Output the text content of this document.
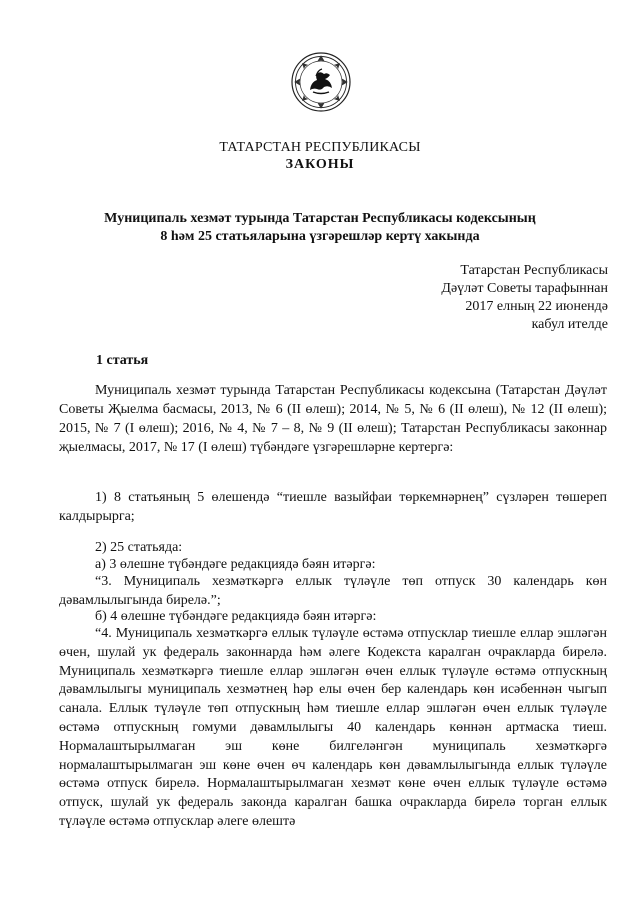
ТАТАРСТАН РЕСПУБЛИКАСЫ
ЗАКОНЫ
Муниципаль хезмәт турында Татарстан Республикасы кодексының
8 һәм 25 статьяларына үзгәрешләр кертү хакында
Татарстан Республикасы
Дәүләт Советы тарафыннан
2017 елның 22 июнендә
кабул ителде
1 статья
Муниципаль хезмәт турында Татарстан Республикасы кодексына (Татарстан Дәүләт Советы Җыелма басмасы, 2013, № 6 (II өлеш); 2014, № 5, № 6 (II өлеш), № 12 (II өлеш); 2015, № 7 (I өлеш); 2016, № 4, № 7 – 8, № 9 (II өлеш); Татарстан Республикасы законнар җыелмасы, 2017, № 17 (I өлеш) түбәндәге үзгәрешләрне кертергә:
1) 8 статьяның 5 өлешендә “тиешле вазыйфаи төркемнәрнең” сүзләрен төшереп калдырырга;
2) 25 статьяда:
а) 3 өлешне түбәндәге редакциядә бәян итәргә:
“3. Муниципаль хезмәткәргә еллык түләүле төп отпуск 30 календарь көн дәвамлылыгында бирелә.”;
б) 4 өлешне түбәндәге редакциядә бәян итәргә:
“4. Муниципаль хезмәткәргә еллык түләүле өстәмә отпусклар тиешле еллар эшләгән өчен, шулай ук федераль законнарда һәм әлеге Кодекста каралган очракларда бирелә. Муниципаль хезмәткәргә тиешле еллар эшләгән өчен еллык түләүле өстәмә отпускның дәвамлылыгы муниципаль хезмәтнең һәр елы өчен бер календарь көн исәбеннән чыгып санала. Еллык түләүле төп отпускның һәм тиешле еллар эшләгән өчен еллык түләүле өстәмә отпускның гомуми дәвамлылыгы 40 календарь көннән артмаска тиеш. Нормалаштырылмаган эш көне билгеләнгән муниципаль хезмәткәргә нормалаштырылмаган эш көне өчен өч календарь көн дәвамлылыгында еллык түләүле өстәмә отпуск бирелә. Нормалаштырылмаган хезмәт көне өчен еллык түләүле өстәмә отпуск, шулай ук федераль законда каралган башка очракларда бирелә торган еллык түләүле өстәмә отпусклар әлеге өлештә
